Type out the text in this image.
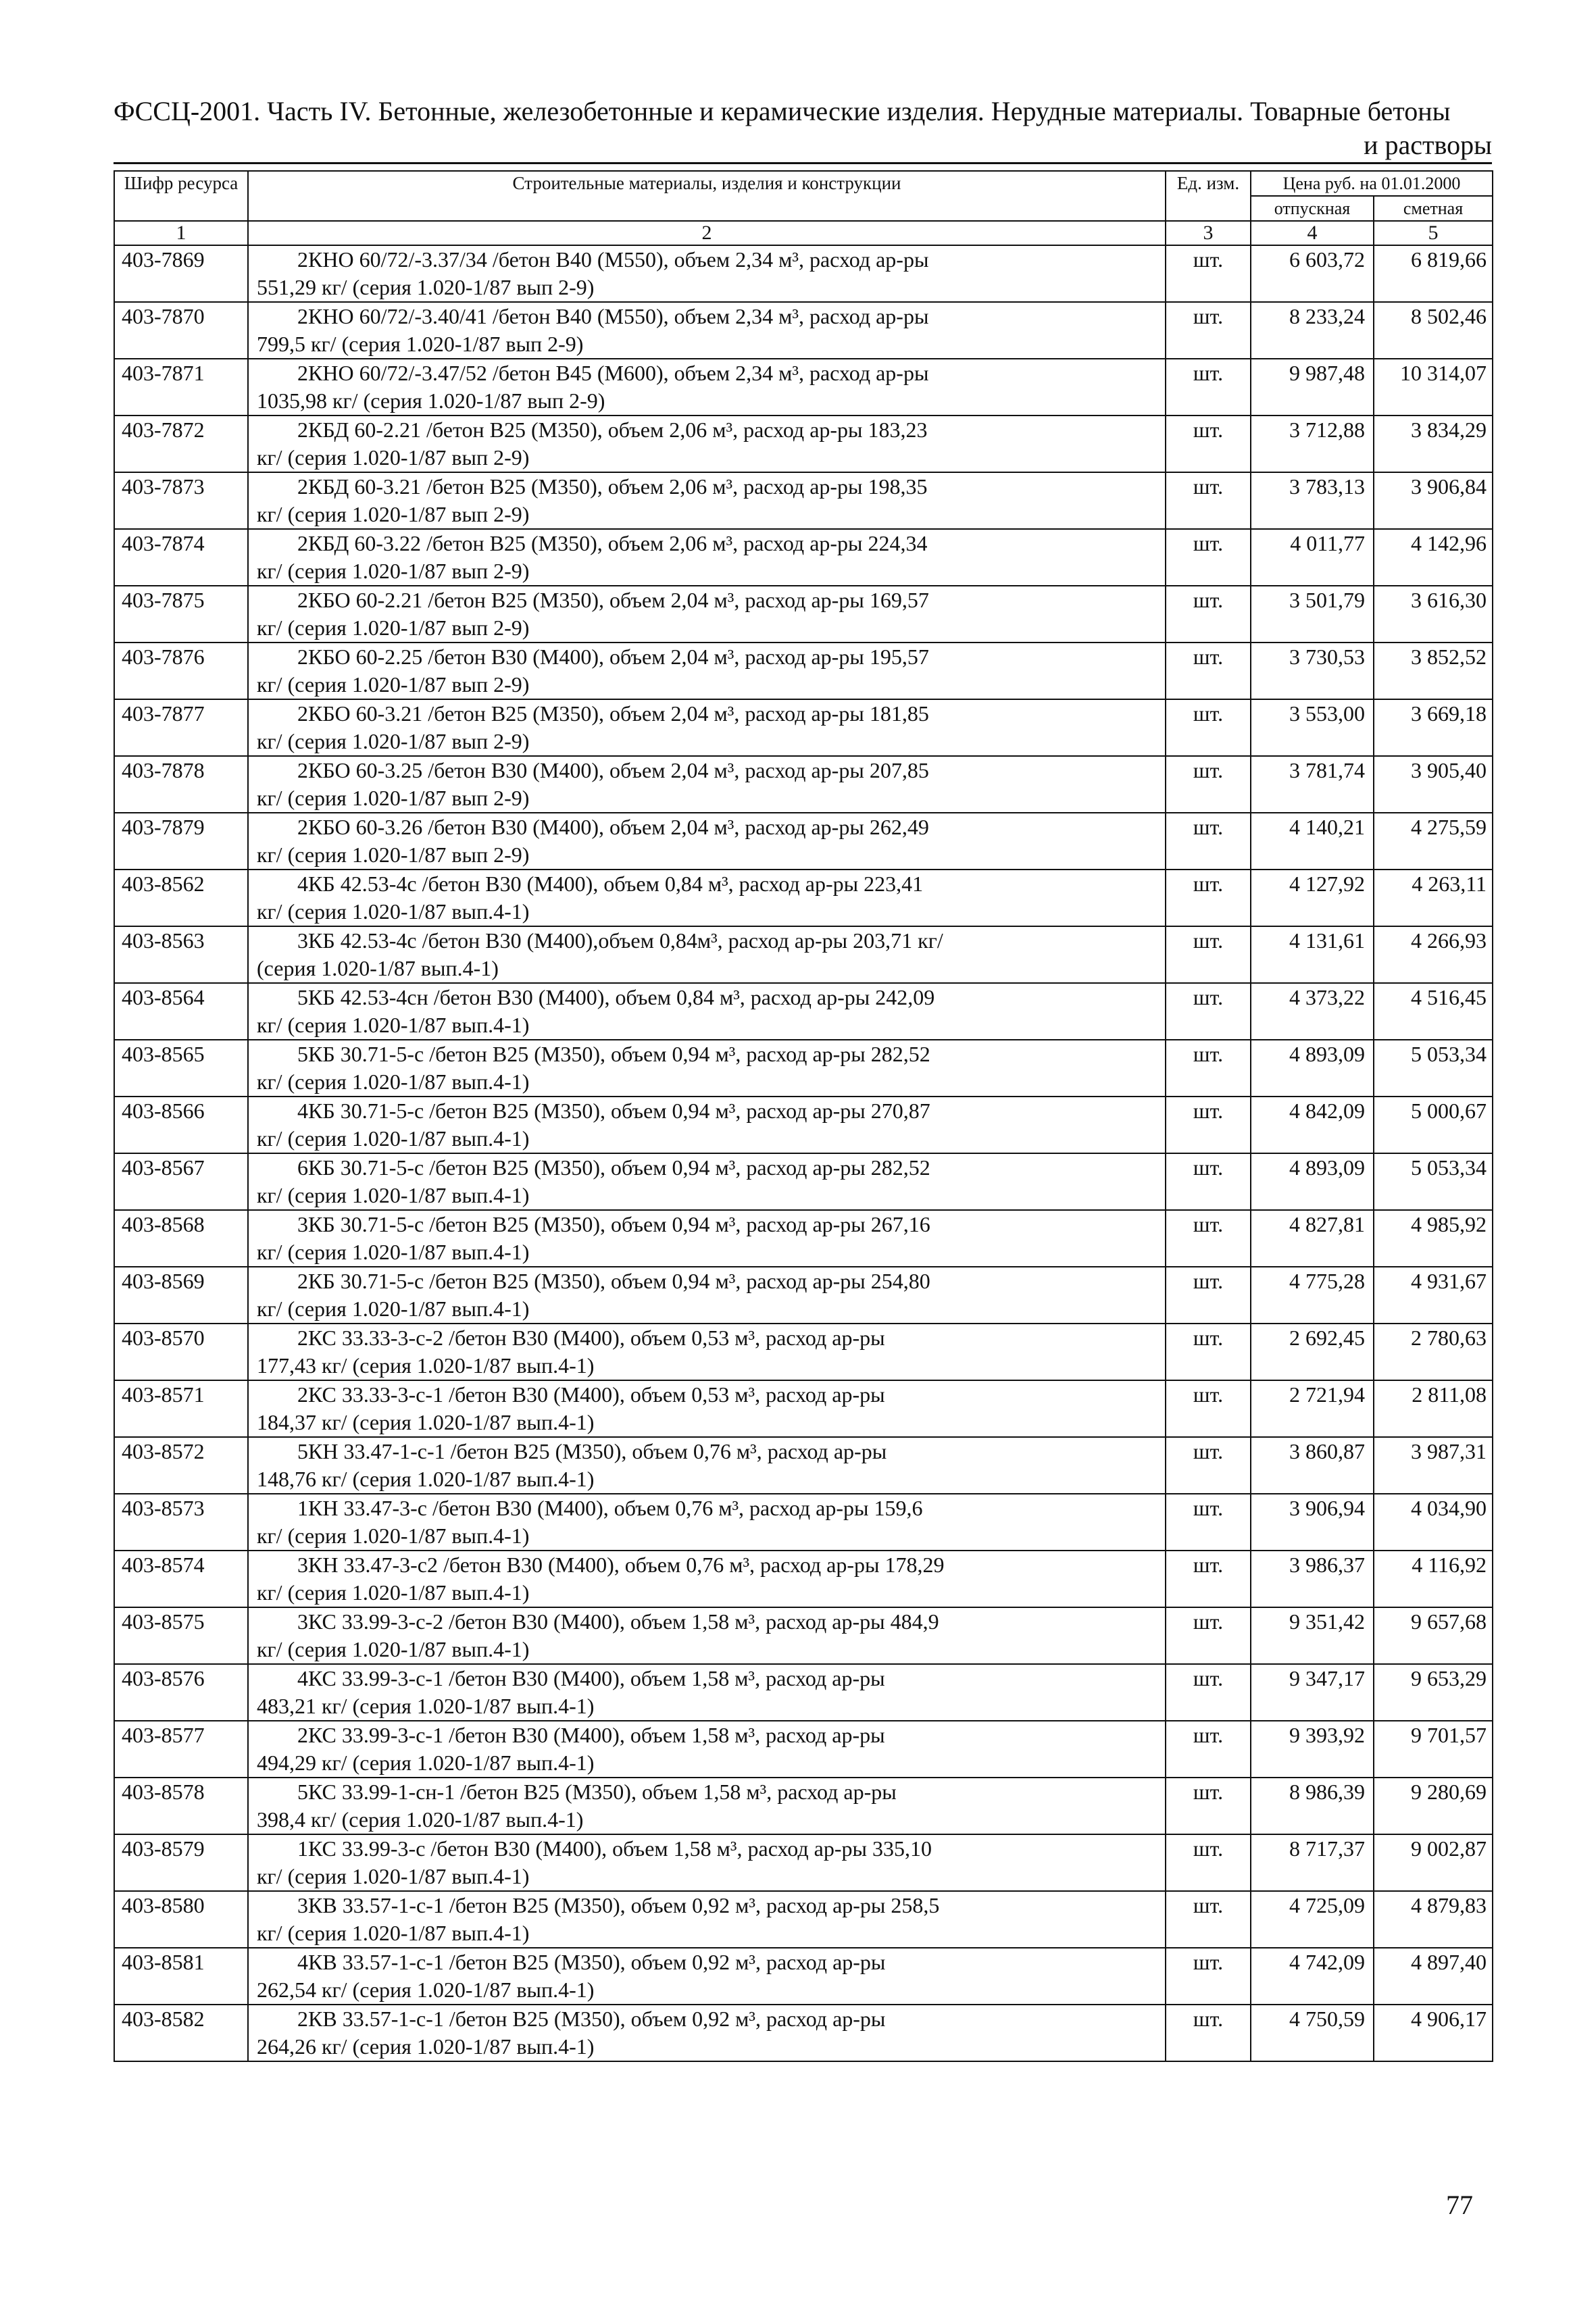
ФССЦ-2001. Часть IV. Бетонные, железобетонные и керамические изделия. Нерудные материалы. Товарные бетоны
и растворы
Шифр ресурса	Строительные материалы, изделия и конструкции	Ед. изм.	Цена руб. на 01.01.2000	
			отпускная	сметная
1	2	3	4	5
403-7869	2КНО 60/72/-3.37/34 /бетон В40 (М550), объем 2,34 м³, расход ар-ры
551,29 кг/ (серия 1.020-1/87 вып 2-9)	шт.	6 603,72	6 819,66
403-7870	2КНО 60/72/-3.40/41 /бетон В40 (М550), объем 2,34 м³, расход ар-ры
799,5 кг/ (серия 1.020-1/87 вып 2-9)	шт.	8 233,24	8 502,46
403-7871	2КНО 60/72/-3.47/52 /бетон В45 (М600), объем 2,34 м³, расход ар-ры
1035,98 кг/ (серия 1.020-1/87 вып 2-9)	шт.	9 987,48	10 314,07
403-7872	2КБД 60-2.21 /бетон В25 (М350), объем 2,06 м³, расход ар-ры 183,23
кг/ (серия 1.020-1/87 вып 2-9)	шт.	3 712,88	3 834,29
403-7873	2КБД 60-3.21 /бетон В25 (М350), объем 2,06 м³, расход ар-ры 198,35
кг/ (серия 1.020-1/87 вып 2-9)	шт.	3 783,13	3 906,84
403-7874	2КБД 60-3.22 /бетон В25 (М350), объем 2,06 м³, расход ар-ры 224,34
кг/ (серия 1.020-1/87 вып 2-9)	шт.	4 011,77	4 142,96
403-7875	2КБО 60-2.21 /бетон В25 (М350), объем 2,04 м³, расход ар-ры 169,57
кг/ (серия 1.020-1/87 вып 2-9)	шт.	3 501,79	3 616,30
403-7876	2КБО 60-2.25 /бетон В30 (М400), объем 2,04 м³, расход ар-ры 195,57
кг/ (серия 1.020-1/87 вып 2-9)	шт.	3 730,53	3 852,52
403-7877	2КБО 60-3.21 /бетон В25 (М350), объем 2,04 м³, расход ар-ры 181,85
кг/ (серия 1.020-1/87 вып 2-9)	шт.	3 553,00	3 669,18
403-7878	2КБО 60-3.25 /бетон В30 (М400), объем 2,04 м³, расход ар-ры 207,85
кг/ (серия 1.020-1/87 вып 2-9)	шт.	3 781,74	3 905,40
403-7879	2КБО 60-3.26 /бетон В30 (М400), объем 2,04 м³, расход ар-ры 262,49
кг/ (серия 1.020-1/87 вып 2-9)	шт.	4 140,21	4 275,59
403-8562	4КБ 42.53-4с /бетон В30 (М400), объем 0,84 м³, расход ар-ры 223,41
кг/ (серия 1.020-1/87 вып.4-1)	шт.	4 127,92	4 263,11
403-8563	3КБ 42.53-4с /бетон В30 (М400),объем 0,84м³, расход ар-ры 203,71 кг/
(серия 1.020-1/87 вып.4-1)	шт.	4 131,61	4 266,93
403-8564	5КБ 42.53-4сн /бетон В30 (М400), объем 0,84 м³, расход ар-ры 242,09
кг/ (серия 1.020-1/87 вып.4-1)	шт.	4 373,22	4 516,45
403-8565	5КБ 30.71-5-с /бетон В25 (М350), объем 0,94 м³, расход ар-ры 282,52
кг/ (серия 1.020-1/87 вып.4-1)	шт.	4 893,09	5 053,34
403-8566	4КБ 30.71-5-с /бетон В25 (М350), объем 0,94 м³, расход ар-ры 270,87
кг/ (серия 1.020-1/87 вып.4-1)	шт.	4 842,09	5 000,67
403-8567	6КБ 30.71-5-с /бетон В25 (М350), объем 0,94 м³, расход ар-ры 282,52
кг/ (серия 1.020-1/87 вып.4-1)	шт.	4 893,09	5 053,34
403-8568	3КБ 30.71-5-с /бетон В25 (М350), объем 0,94 м³, расход ар-ры 267,16
кг/ (серия 1.020-1/87 вып.4-1)	шт.	4 827,81	4 985,92
403-8569	2КБ 30.71-5-с /бетон В25 (М350), объем 0,94 м³, расход ар-ры 254,80
кг/ (серия 1.020-1/87 вып.4-1)	шт.	4 775,28	4 931,67
403-8570	2КС 33.33-3-с-2 /бетон В30 (М400), объем 0,53 м³, расход ар-ры
177,43 кг/ (серия 1.020-1/87 вып.4-1)	шт.	2 692,45	2 780,63
403-8571	2КС 33.33-3-с-1 /бетон В30 (М400), объем 0,53 м³, расход ар-ры
184,37 кг/ (серия 1.020-1/87 вып.4-1)	шт.	2 721,94	2 811,08
403-8572	5КН 33.47-1-с-1 /бетон В25 (М350), объем 0,76 м³, расход ар-ры
148,76 кг/ (серия 1.020-1/87 вып.4-1)	шт.	3 860,87	3 987,31
403-8573	1КН 33.47-3-с /бетон В30 (М400), объем 0,76 м³, расход ар-ры 159,6
кг/ (серия 1.020-1/87 вып.4-1)	шт.	3 906,94	4 034,90
403-8574	3КН 33.47-3-с2 /бетон В30 (М400), объем 0,76 м³, расход ар-ры 178,29
кг/ (серия 1.020-1/87 вып.4-1)	шт.	3 986,37	4 116,92
403-8575	3КС 33.99-3-с-2 /бетон В30 (М400), объем 1,58 м³, расход ар-ры 484,9
кг/ (серия 1.020-1/87 вып.4-1)	шт.	9 351,42	9 657,68
403-8576	4КС 33.99-3-с-1 /бетон В30 (М400), объем 1,58 м³, расход ар-ры
483,21 кг/ (серия 1.020-1/87 вып.4-1)	шт.	9 347,17	9 653,29
403-8577	2КС 33.99-3-с-1 /бетон В30 (М400), объем 1,58 м³, расход ар-ры
494,29 кг/ (серия 1.020-1/87 вып.4-1)	шт.	9 393,92	9 701,57
403-8578	5КС 33.99-1-сн-1 /бетон В25 (М350), объем 1,58 м³, расход ар-ры
398,4 кг/ (серия 1.020-1/87 вып.4-1)	шт.	8 986,39	9 280,69
403-8579	1КС 33.99-3-с /бетон В30 (М400), объем 1,58 м³, расход ар-ры 335,10
кг/ (серия 1.020-1/87 вып.4-1)	шт.	8 717,37	9 002,87
403-8580	3КВ 33.57-1-с-1 /бетон В25 (М350), объем 0,92 м³, расход ар-ры 258,5
кг/ (серия 1.020-1/87 вып.4-1)	шт.	4 725,09	4 879,83
403-8581	4КВ 33.57-1-с-1 /бетон В25 (М350), объем 0,92 м³, расход ар-ры
262,54 кг/ (серия 1.020-1/87 вып.4-1)	шт.	4 742,09	4 897,40
403-8582	2КВ 33.57-1-с-1 /бетон В25 (М350), объем 0,92 м³, расход ар-ры
264,26 кг/ (серия 1.020-1/87 вып.4-1)	шт.	4 750,59	4 906,17
77
